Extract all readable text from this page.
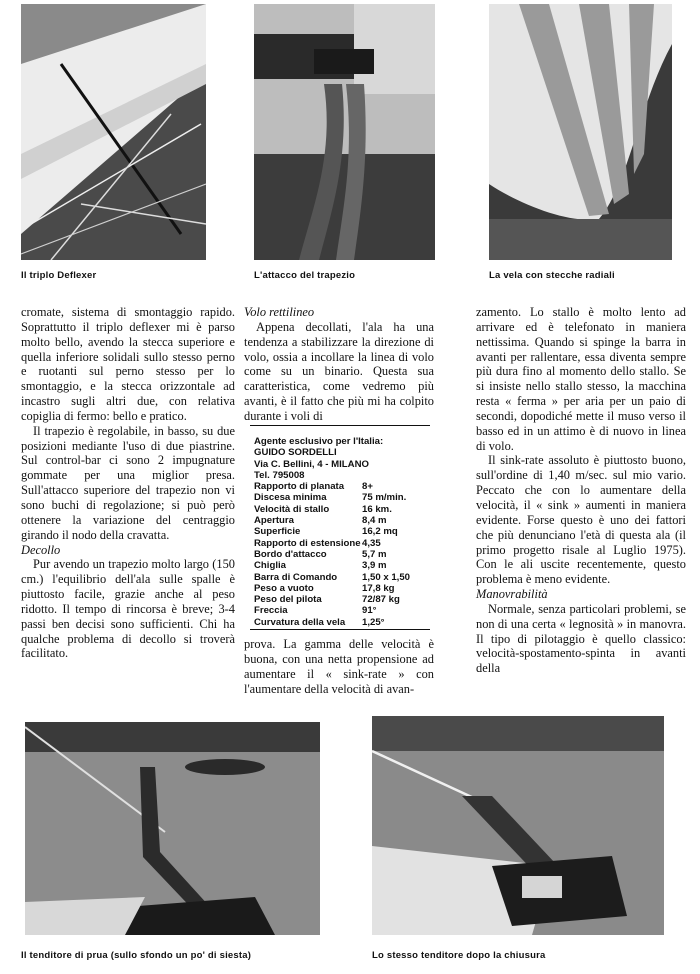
Il triplo Deflexer	L'attacco del trapezio	La vela con stecche radiali

cromate, sistema di smontaggio rapido. Soprattutto il triplo deflexer mi è parso molto bello, avendo la stecca superiore e quella inferiore solidali sullo stesso perno e ruotanti sul perno stesso per lo smontaggio, e la stecca orizzontale ad incastro sugli altri due, con relativa copiglia di fermo: bello e pratico.

Il trapezio è regolabile, in basso, su due posizioni mediante l'uso di due piastrine. Sul control-bar ci sono 2 impugnature gommate per una miglior presa. Sull'attacco superiore del trapezio non vi sono buchi di regolazione; si può però ottenere la variazione del centraggio girando il nodo della cravatta.

Decollo

Pur avendo un trapezio molto largo (150 cm.) l'equilibrio dell'ala sulle spalle è piuttosto facile, grazie anche al peso ridotto. Il tempo di rincorsa è breve; 3-4 passi ben decisi sono sufficienti. Chi ha qualche problema di decollo si troverà facilitato.

Volo rettilineo

Appena decollati, l'ala ha una tendenza a stabilizzare la direzione di volo, ossia a incollare la linea di volo come su un binario. Questa sua caratteristica, come vedremo più avanti, è il fatto che più mi ha colpito durante i voli di

Agente esclusivo per l'Italia:
GUIDO SORDELLI
Via C. Bellini, 4 - MILANO
Tel. 795008
Rapporto di planata	8+
Discesa minima	75 m/min.
Velocità di stallo	16 km.
Apertura	8,4 m
Superficie	16,2 mq
Rapporto di estensione 4,35
Bordo d'attacco	5,7 m
Chiglia	3,9 m
Barra di Comando	1,50 x 1,50
Peso a vuoto	17,8 kg
Peso del pilota	72/87 kg
Freccia	91°
Curvatura della vela	1,25°

prova. La gamma delle velocità è buona, con una netta propensione ad aumentare il « sink-rate » con l'aumentare della velocità di avan-

zamento. Lo stallo è molto lento ad arrivare ed è telefonato in maniera nettissima. Quando si spinge la barra in avanti per rallentare, essa diventa sempre più dura fino al momento dello stallo. Se si insiste nello stallo stesso, la macchina resta « ferma » per aria per un paio di secondi, dopodiché mette il muso verso il basso ed in un attimo è di nuovo in linea di volo.

Il sink-rate assoluto è piuttosto buono, sull'ordine di 1,40 m/sec. sul mio vario. Peccato che con lo aumentare della velocità, il « sink » aumenti in maniera evidente. Forse questo è uno dei fattori che più denunciano l'età di questa ala (il primo progetto risale al Luglio 1975). Con le ali uscite recentemente, questo problema è meno evidente.

Manovrabilità

Normale, senza particolari problemi, se non di una certa « legnosità » in manovra. Il tipo di pilotaggio è quello classico: velocità-spostamento-spinta in avanti della

Il tenditore di prua (sullo sfondo un po' di siesta)	Lo stesso tenditore dopo la chiusura
